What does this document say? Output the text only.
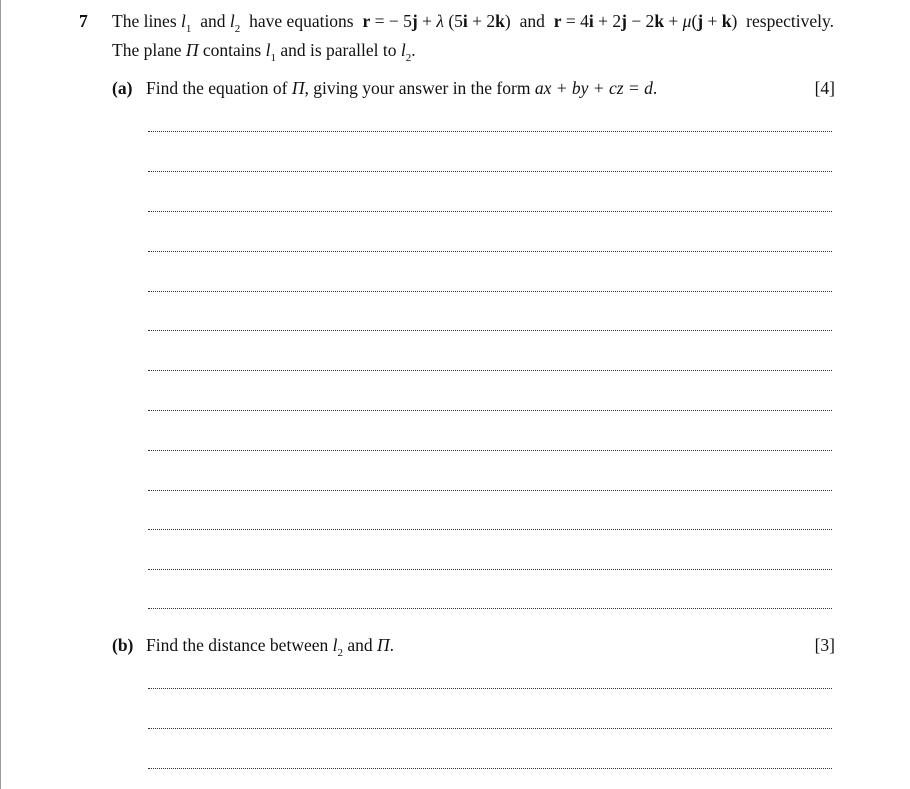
7 The lines $l_1$ and $l_2$ have equations r = − 5j + λ (5i + 2k) and r = 4i + 2j − 2k + μ(j + k) respectively.
The plane Π contains $l_1$ and is parallel to $l_2$.
(a) Find the equation of Π, giving your answer in the form ax + by + cz = d.	[4]
(b) Find the distance between $l_2$ and Π.	[3]
